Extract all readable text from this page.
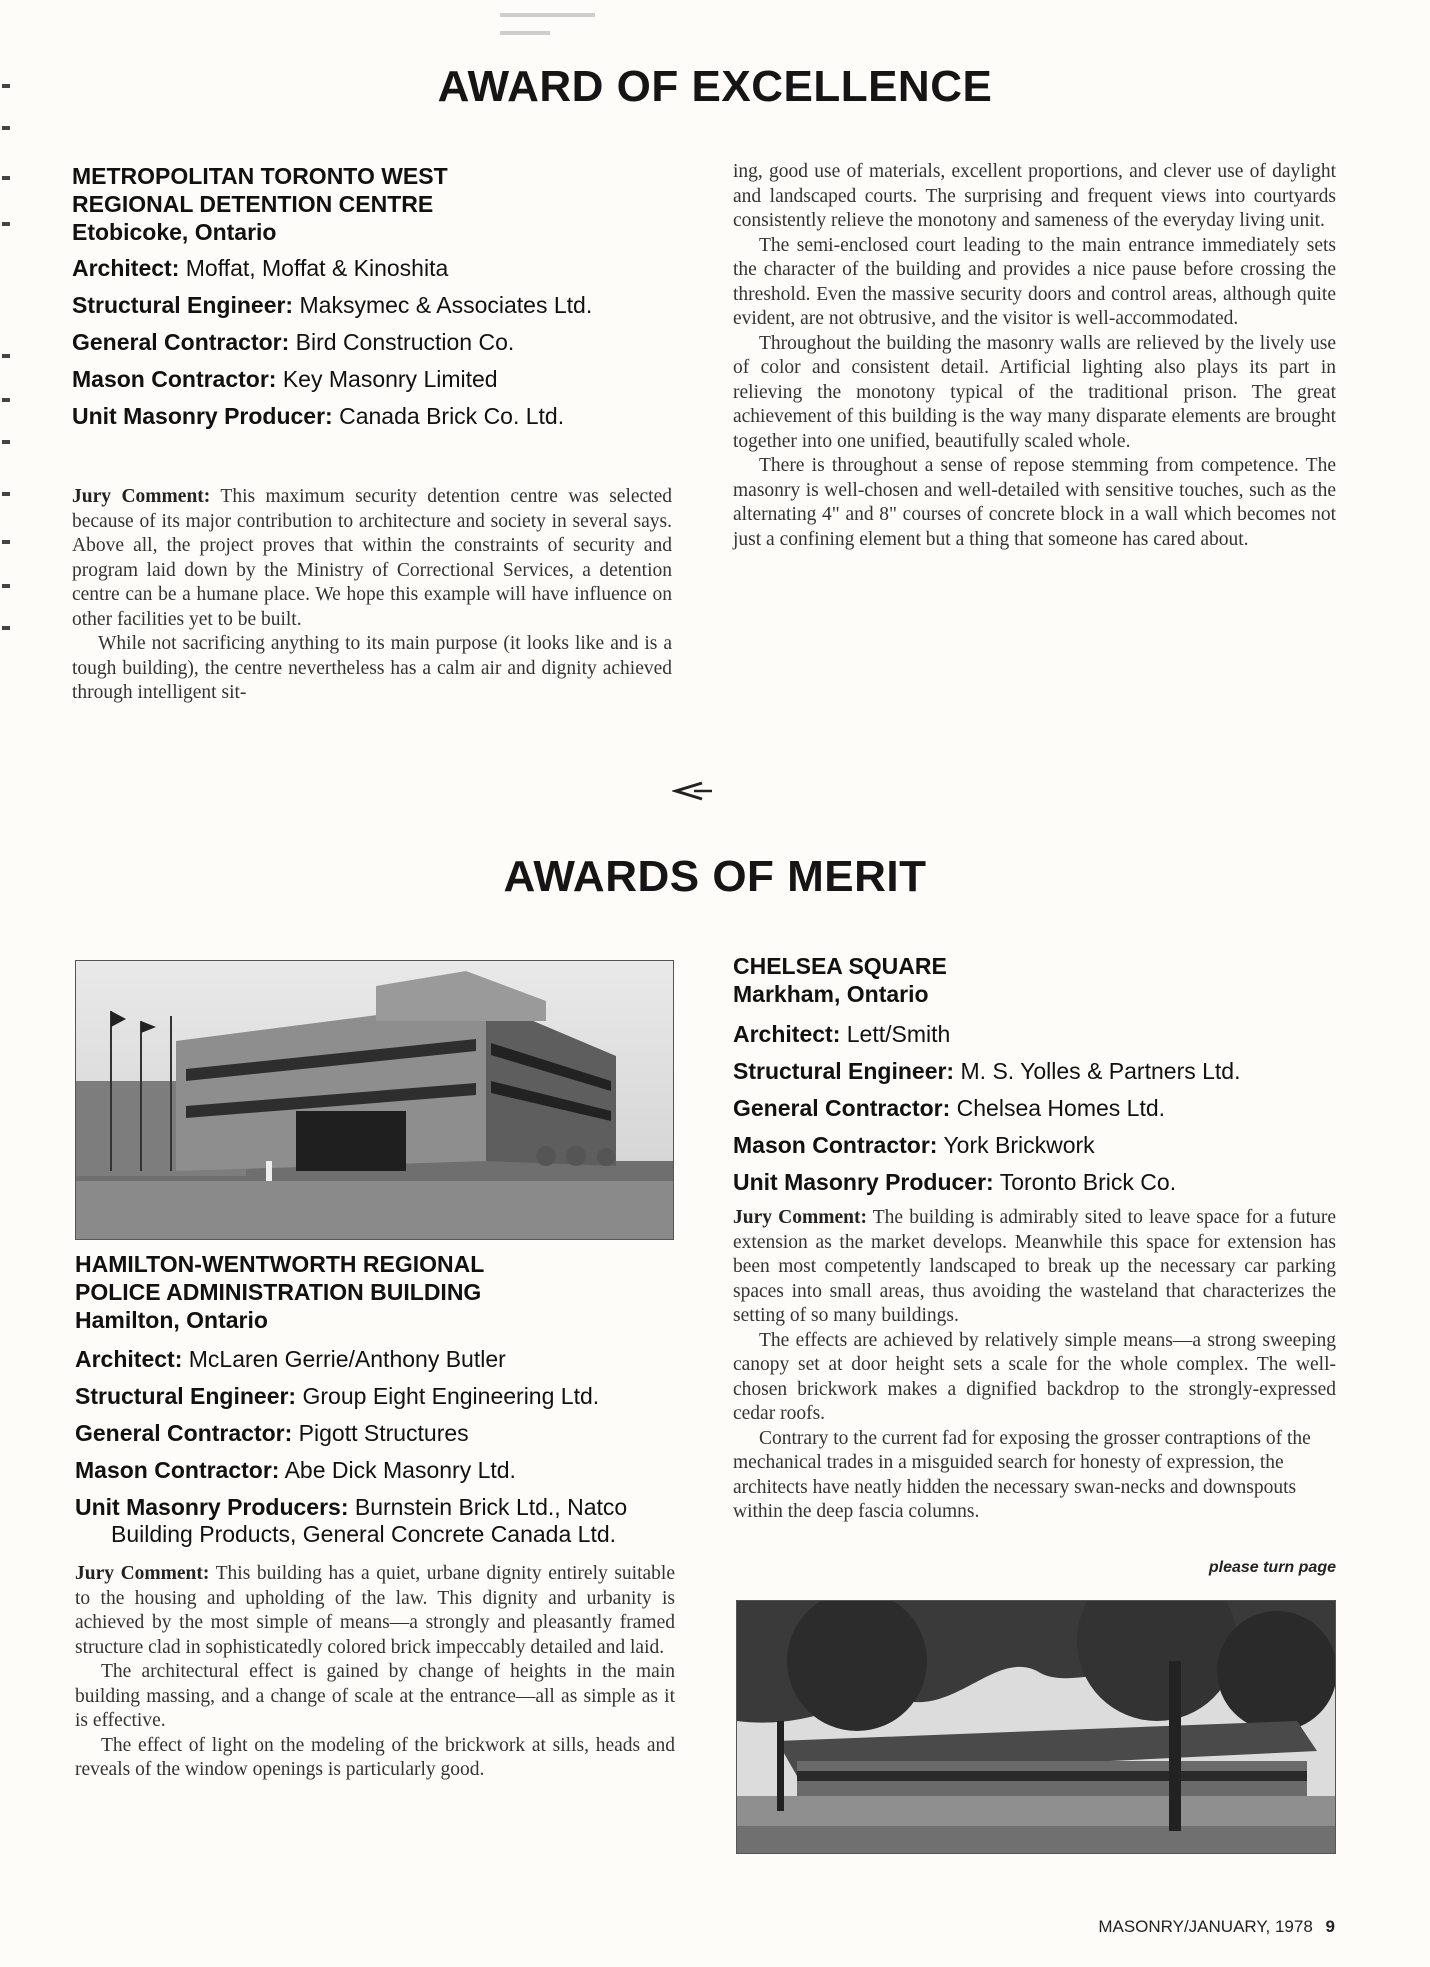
AWARD OF EXCELLENCE

METROPOLITAN TORONTO WEST

REGIONAL DETENTION CENTRE

Etobicoke, Ontario

Architect: Moffat, Moffat & Kinoshita
Structural Engineer: Maksymec & Associates Ltd.
General Contractor: Bird Construction Co.
Mason Contractor: Key Masonry Limited
Unit Masonry Producer: Canada Brick Co. Ltd.

Jury Comment: This maximum security detention centre was selected because of its major contribution to architecture and society in several says. Above all, the project proves that within the constraints of security and program laid down by the Ministry of Correctional Services, a detention centre can be a humane place. We hope this example will have influence on other facilities yet to be built.

While not sacrificing anything to its main purpose (it looks like and is a tough building), the centre nevertheless has a calm air and dignity achieved through intelligent sit-

ing, good use of materials, excellent proportions, and clever use of daylight and landscaped courts. The surprising and frequent views into courtyards consistently relieve the monotony and sameness of the everyday living unit.

The semi-enclosed court leading to the main entrance immediately sets the character of the building and provides a nice pause before crossing the threshold. Even the massive security doors and control areas, although quite evident, are not obtrusive, and the visitor is well-accommodated.

Throughout the building the masonry walls are relieved by the lively use of color and consistent detail. Artificial lighting also plays its part in relieving the monotony typical of the traditional prison. The great achievement of this building is the way many disparate elements are brought together into one unified, beautifully scaled whole.

There is throughout a sense of repose stemming from competence. The masonry is well-chosen and well-detailed with sensitive touches, such as the alternating 4" and 8" courses of concrete block in a wall which becomes not just a confining element but a thing that someone has cared about.

AWARDS OF MERIT

HAMILTON-WENTWORTH REGIONAL

POLICE ADMINISTRATION BUILDING

Hamilton, Ontario

Architect: McLaren Gerrie/Anthony Butler
Structural Engineer: Group Eight Engineering Ltd.
General Contractor: Pigott Structures
Mason Contractor: Abe Dick Masonry Ltd.
Unit Masonry Producers: Burnstein Brick Ltd., Natco Building Products, General Concrete Canada Ltd.

Jury Comment: This building has a quiet, urbane dignity entirely suitable to the housing and upholding of the law. This dignity and urbanity is achieved by the most simple of means—a strongly and pleasantly framed structure clad in sophisticatedly colored brick impeccably detailed and laid.

The architectural effect is gained by change of heights in the main building massing, and a change of scale at the entrance—all as simple as it is effective.

The effect of light on the modeling of the brickwork at sills, heads and reveals of the window openings is particularly good.

CHELSEA SQUARE

Markham, Ontario

Architect: Lett/Smith
Structural Engineer: M. S. Yolles & Partners Ltd.
General Contractor: Chelsea Homes Ltd.
Mason Contractor: York Brickwork
Unit Masonry Producer: Toronto Brick Co.

Jury Comment: The building is admirably sited to leave space for a future extension as the market develops. Meanwhile this space for extension has been most competently landscaped to break up the necessary car parking spaces into small areas, thus avoiding the wasteland that characterizes the setting of so many buildings.

The effects are achieved by relatively simple means—a strong sweeping canopy set at door height sets a scale for the whole complex. The well-chosen brickwork makes a dignified backdrop to the strongly-expressed cedar roofs.

Contrary to the current fad for exposing the grosser contraptions of the mechanical trades in a misguided search for honesty of expression, the architects have neatly hidden the necessary swan-necks and downspouts within the deep fascia columns.

please turn page
MASONRY/JANUARY, 1978 9
